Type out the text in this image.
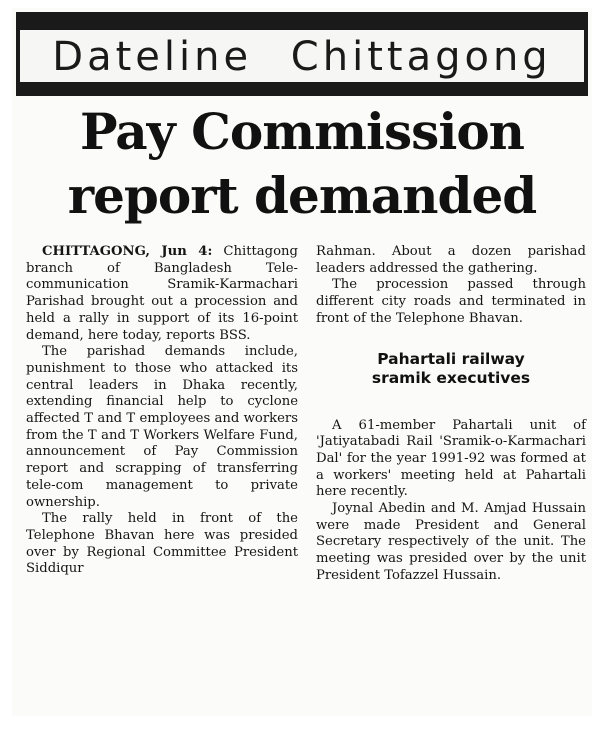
Dateline Chittagong
Pay Commission
report demanded

CHITTAGONG, Jun 4: Chittagong branch of Bangladesh Tele-communication Sramik-Karmachari Parishad brought out a procession and held a rally in support of its 16-point demand, here today, reports BSS.

The parishad demands include, punishment to those who attacked its central leaders in Dhaka recently, extending financial help to cyclone affected T and T employees and workers from the T and T Workers Welfare Fund, announcement of Pay Commission report and scrapping of transferring tele-com management to private ownership.

The rally held in front of the Telephone Bhavan here was presided over by Regional Committee President Siddiqur

Rahman. About a dozen parishad leaders addressed the gathering.

The procession passed through different city roads and terminated in front of the Telephone Bhavan.

Pahartali railway
sramik executives

A 61-member Pahartali unit of 'Jatiyatabadi Rail 'Sramik-o-Karmachari Dal' for the year 1991-92 was formed at a workers' meeting held at Pahartali here recently.

Joynal Abedin and M. Amjad Hussain were made President and General Secretary respectively of the unit. The meeting was presided over by the unit President Tofazzel Hussain.
